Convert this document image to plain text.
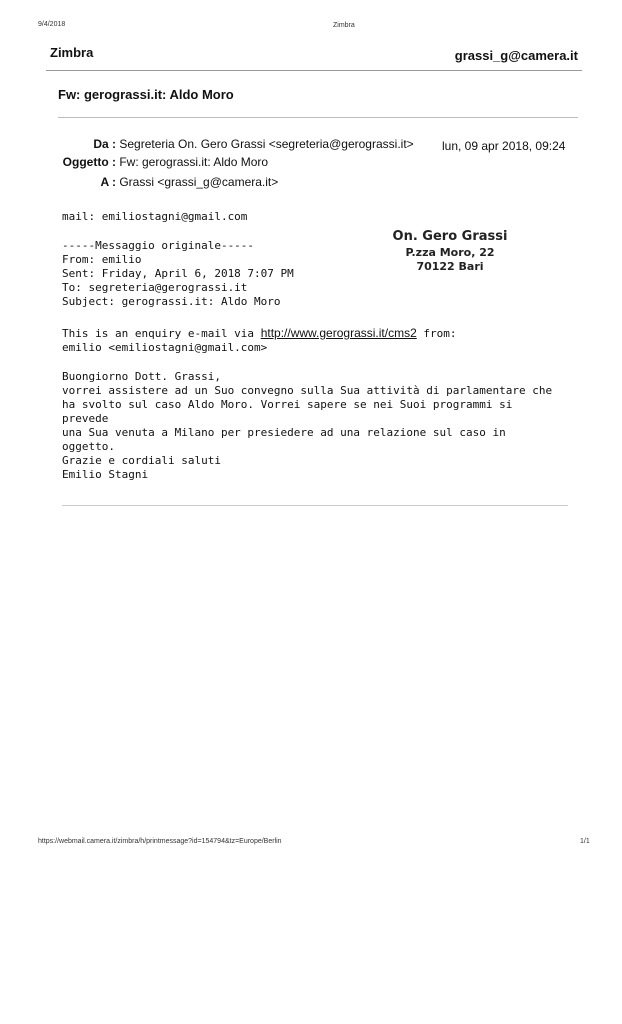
9/4/2018	Zimbra
Zimbra	grassi_g@camera.it
Fw: gerograssi.it: Aldo Moro
Da : Segreteria On. Gero Grassi <segreteria@gerograssi.it> lun, 09 apr 2018, 09:24
Oggetto : Fw: gerograssi.it: Aldo Moro
A : Grassi <grassi_g@camera.it>
On. Gero Grassi
P.zza Moro, 22
70122 Bari
mail: emiliostagni@gmail.com
-----Messaggio originale-----
From: emilio
Sent: Friday, April 6, 2018 7:07 PM
To: segreteria@gerograssi.it
Subject: gerograssi.it: Aldo Moro
This is an enquiry e-mail via http://www.gerograssi.it/cms2 from:
emilio <emiliostagni@gmail.com>
Buongiorno Dott. Grassi,
vorrei assistere ad un Suo convegno sulla Sua attività di parlamentare che
ha svolto sul caso Aldo Moro. Vorrei sapere se nei Suoi programmi si
prevede
una Sua venuta a Milano per presiedere ad una relazione sul caso in
oggetto.
Grazie e cordiali saluti
Emilio Stagni
https://webmail.camera.it/zimbra/h/printmessage?id=154794&tz=Europe/Berlin	1/1
